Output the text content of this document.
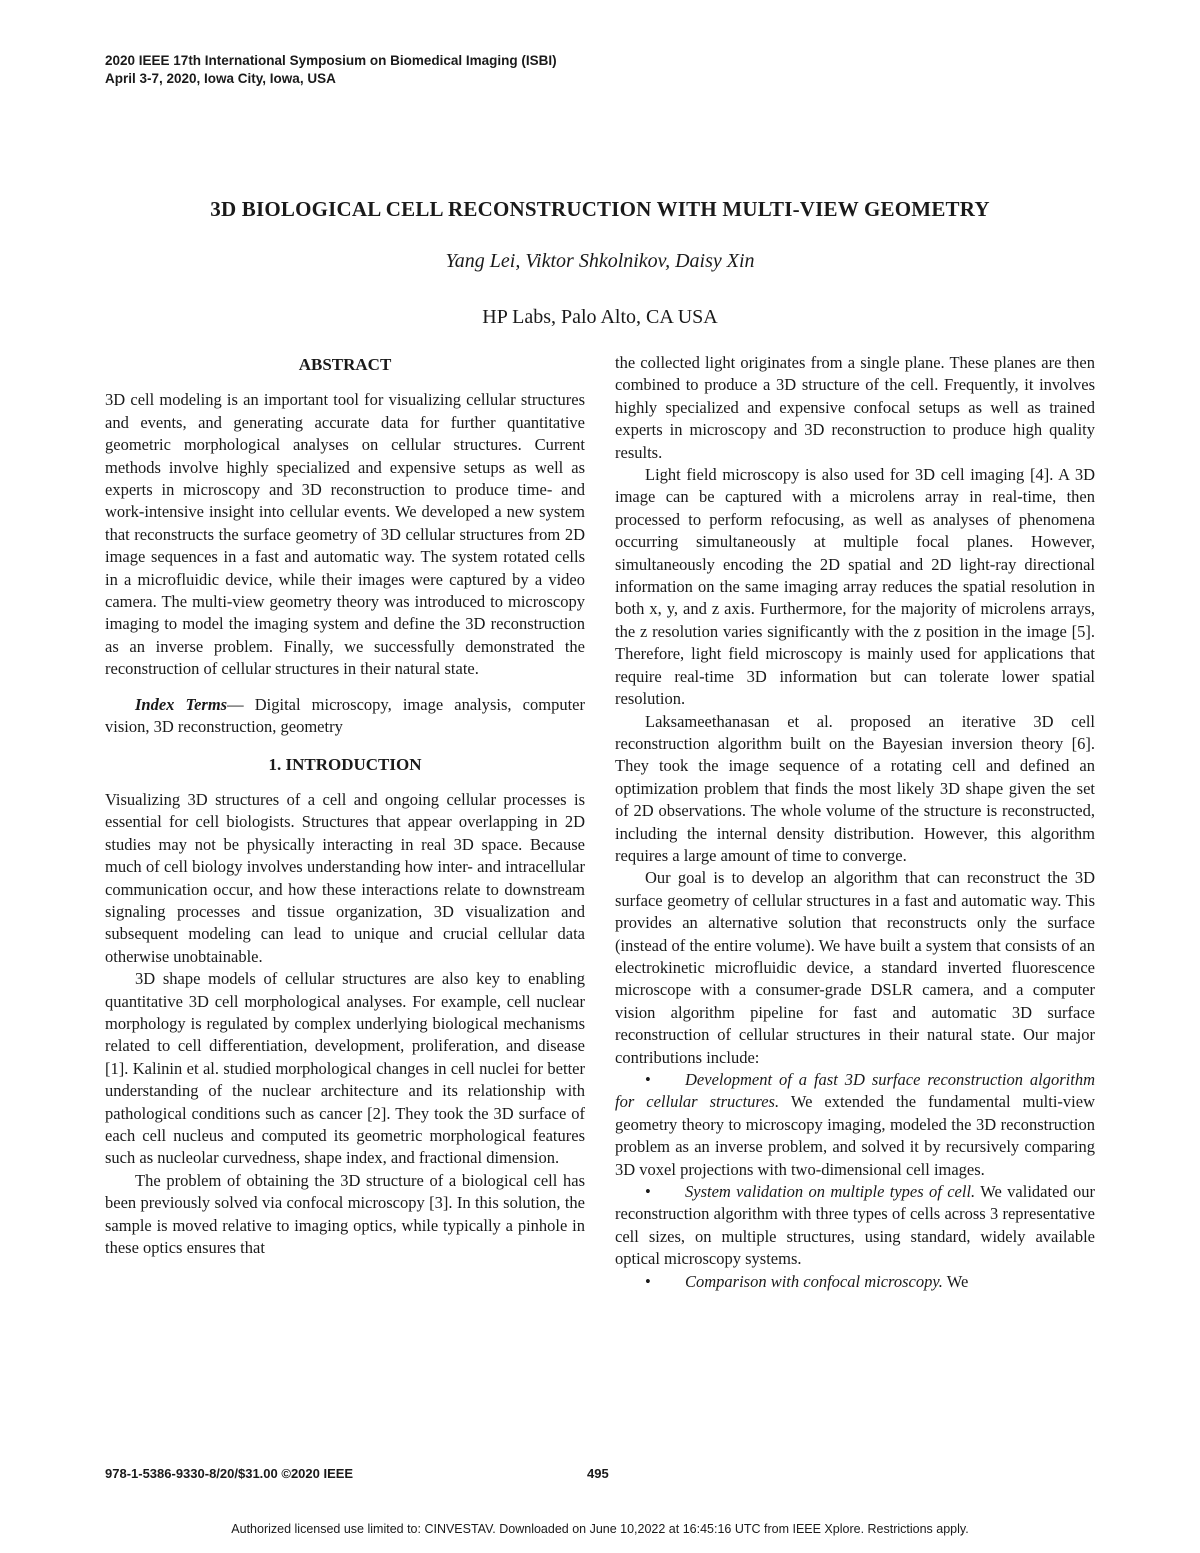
2020 IEEE 17th International Symposium on Biomedical Imaging (ISBI)
April 3-7, 2020, Iowa City, Iowa, USA
3D BIOLOGICAL CELL RECONSTRUCTION WITH MULTI-VIEW GEOMETRY
Yang Lei, Viktor Shkolnikov, Daisy Xin
HP Labs, Palo Alto, CA USA
ABSTRACT

3D cell modeling is an important tool for visualizing cellular structures and events, and generating accurate data for further quantitative geometric morphological analyses on cellular structures. Current methods involve highly specialized and expensive setups as well as experts in microscopy and 3D reconstruction to produce time- and work-intensive insight into cellular events. We developed a new system that reconstructs the surface geometry of 3D cellular structures from 2D image sequences in a fast and automatic way. The system rotated cells in a microfluidic device, while their images were captured by a video camera. The multi-view geometry theory was introduced to microscopy imaging to model the imaging system and define the 3D reconstruction as an inverse problem. Finally, we successfully demonstrated the reconstruction of cellular structures in their natural state.

Index Terms— Digital microscopy, image analysis, computer vision, 3D reconstruction, geometry

1. INTRODUCTION

Visualizing 3D structures of a cell and ongoing cellular processes is essential for cell biologists. Structures that appear overlapping in 2D studies may not be physically interacting in real 3D space. Because much of cell biology involves understanding how inter- and intracellular communication occur, and how these interactions relate to downstream signaling processes and tissue organization, 3D visualization and subsequent modeling can lead to unique and crucial cellular data otherwise unobtainable.

3D shape models of cellular structures are also key to enabling quantitative 3D cell morphological analyses. For example, cell nuclear morphology is regulated by complex underlying biological mechanisms related to cell differentiation, development, proliferation, and disease [1]. Kalinin et al. studied morphological changes in cell nuclei for better understanding of the nuclear architecture and its relationship with pathological conditions such as cancer [2]. They took the 3D surface of each cell nucleus and computed its geometric morphological features such as nucleolar curvedness, shape index, and fractional dimension.

The problem of obtaining the 3D structure of a biological cell has been previously solved via confocal microscopy [3]. In this solution, the sample is moved relative to imaging optics, while typically a pinhole in these optics ensures that

the collected light originates from a single plane. These planes are then combined to produce a 3D structure of the cell. Frequently, it involves highly specialized and expensive confocal setups as well as trained experts in microscopy and 3D reconstruction to produce high quality results.

Light field microscopy is also used for 3D cell imaging [4]. A 3D image can be captured with a microlens array in real-time, then processed to perform refocusing, as well as analyses of phenomena occurring simultaneously at multiple focal planes. However, simultaneously encoding the 2D spatial and 2D light-ray directional information on the same imaging array reduces the spatial resolution in both x, y, and z axis. Furthermore, for the majority of microlens arrays, the z resolution varies significantly with the z position in the image [5]. Therefore, light field microscopy is mainly used for applications that require real-time 3D information but can tolerate lower spatial resolution.

Laksameethanasan et al. proposed an iterative 3D cell reconstruction algorithm built on the Bayesian inversion theory [6]. They took the image sequence of a rotating cell and defined an optimization problem that finds the most likely 3D shape given the set of 2D observations. The whole volume of the structure is reconstructed, including the internal density distribution. However, this algorithm requires a large amount of time to converge.

Our goal is to develop an algorithm that can reconstruct the 3D surface geometry of cellular structures in a fast and automatic way. This provides an alternative solution that reconstructs only the surface (instead of the entire volume). We have built a system that consists of an electrokinetic microfluidic device, a standard inverted fluorescence microscope with a consumer-grade DSLR camera, and a computer vision algorithm pipeline for fast and automatic 3D surface reconstruction of cellular structures in their natural state. Our major contributions include:

• Development of a fast 3D surface reconstruction algorithm for cellular structures. We extended the fundamental multi-view geometry theory to microscopy imaging, modeled the 3D reconstruction problem as an inverse problem, and solved it by recursively comparing 3D voxel projections with two-dimensional cell images.

• System validation on multiple types of cell. We validated our reconstruction algorithm with three types of cells across 3 representative cell sizes, on multiple structures, using standard, widely available optical microscopy systems.

• Comparison with confocal microscopy. We

978-1-5386-9330-8/20/$31.00 ©2020 IEEE	495
Authorized licensed use limited to: CINVESTAV. Downloaded on June 10,2022 at 16:45:16 UTC from IEEE Xplore. Restrictions apply.
